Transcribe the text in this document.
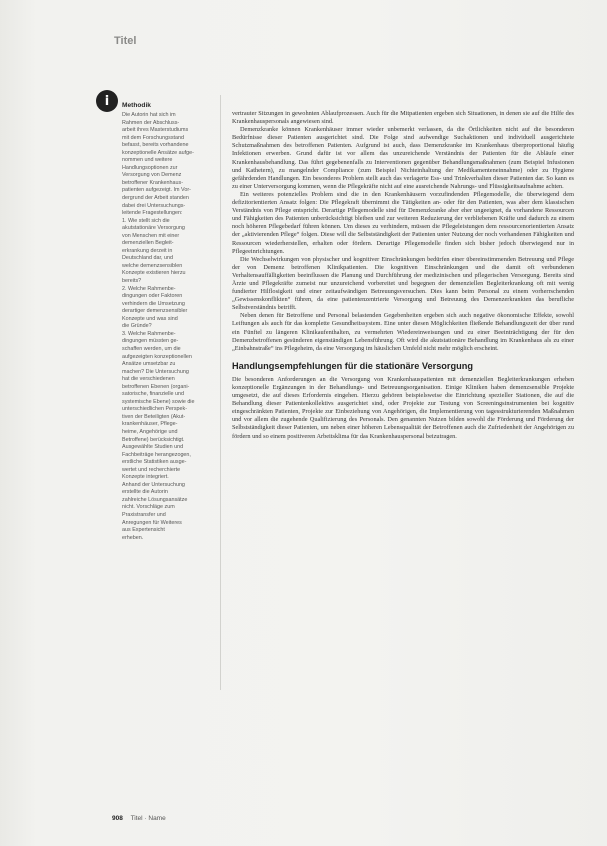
Titel
i	Methodik

Die Autorin hat sich im

Rahmen der Abschluss-

arbeit ihres Masterstudiums

mit dem Forschungsstand

befasst, bereits vorhandene

konzeptionelle Ansätze aufge-

nommen und weitere

Handlungsoptionen zur

Versorgung von Demenz

betroffener Krankenhaus-

patienten aufgezeigt. Im Vor-

dergrund der Arbeit standen

dabei drei Untersuchungs-

leitende Fragestellungen:

1. Wie stellt sich die

akutstationäre Versorgung

von Menschen mit einer

demenziellen Begleit-

erkrankung derzeit in

Deutschland dar, und

welche demenzsensiblen

Konzepte existieren hierzu

bereits?

2. Welche Rahmenbe-

dingungen oder Faktoren

verhindern die Umsetzung

derartiger demenzsensibler

Konzepte und was sind

die Gründe?

3. Welche Rahmenbe-

dingungen müssten ge-

schaffen werden, um die

aufgezeigten konzeptionellen

Ansätze umsetzbar zu

machen? Die Untersuchung

hat die verschiedenen

betroffenen Ebenen (organi-

satorische, finanzielle und

systemische Ebene) sowie die

unterschiedlichen Perspek-

tiven der Beteiligten (Akut-

krankenhäuser, Pflege-

heime, Angehörige und

Betroffene) berücksichtigt.

Ausgewählte Studien und

Fachbeiträge herangezogen,

erstliche Statistiken ausge-

wertet und recherchierte

Konzepte integriert.

Anhand der Untersuchung

erstellte die Autorin

zahlreiche Lösungsansätze

nicht. Vorschläge zum

Praxistransfer und

Anregungen für Weiteres

aus Expertensicht

erheben.

vertrauter Sitzungen in gewohnten Ablaufprozessen. Auch für die Mitpatienten ergeben sich Situationen, in denen sie auf die Hilfe des Krankenhauspersonals angewiesen sind.

Demenzkranke können Krankenhäuser immer wieder unbemerkt verlassen, da die Örtlichkeiten nicht auf die besonderen Bedürfnisse dieser Patienten ausgerichtet sind. Die Folge sind aufwendige Suchaktionen und individuell ausgerichtete Schutzmaßnahmen des betroffenen Patienten. Aufgrund ist auch, dass Demenzkranke im Krankenhaus überproportional häufig Infektionen erwerben. Grund dafür ist vor allem das unzureichende Verständnis der Patienten für die Abläufe einer Krankenhausbehandlung. Das führt gegebenenfalls zu Interventionen gegenüber Behandlungsmaßnahmen (zum Beispiel Infusionen und Kathetern), zu mangelnder Compliance (zum Beispiel Nichteinhaltung der Medikamenteneinnahme) oder zu Hygiene gefährdenden Handlungen. Ein besonderes Problem stellt auch das verlagerte Ess- und Trinkverhalten dieser Patienten dar. So kann es zu einer Unterversorgung kommen, wenn die Pflegekräfte nicht auf eine ausreichende Nahrungs- und Flüssigkeitsaufnahme achten.

Ein weiteres potenzielles Problem sind die in den Krankenhäusern vorzufindenden Pflegemodelle, die überwiegend dem defizitorientierten Ansatz folgen: Die Pflegekraft übernimmt die Tätigkeiten an- oder für den Patienten, was aber dem klassischen Verständnis von Pflege entspricht. Derartige Pflegemodelle sind für Demenzkranke aber eher ungeeignet, da vorhandene Ressourcen und Fähigkeiten des Patienten unberücksichtigt bleiben und zur weiteren Reduzierung der verbliebenen Kräfte und dadurch zu einem noch höheren Pflegebedarf führen können. Um dieses zu verhindern, müssen die Pflegeleistungen dem ressourcenorientierten Ansatz der „aktivierenden Pflege“ folgen. Diese will die Selbstständigkeit der Patienten unter Nutzung der noch vorhandenen Fähigkeiten und Ressourcen wiederherstellen, erhalten oder fördern. Derartige Pflegemodelle finden sich bisher jedoch überwiegend nur in Pflegeeinrichtungen.

Die Wechselwirkungen von physischer und kognitiver Einschränkungen bedürfen einer übereinstimmenden Betreuung und Pflege der von Demenz betroffenen Klinikpatienten. Die kognitiven Einschränkungen und die damit oft verbundenen Verhaltensauffälligkeiten beeinflussen die Planung und Durchführung der medizinischen und pflegerischen Versorgung. Bereits sind Ärzte und Pflegekräfte zumeist nur unzureichend vorbereitet und begegnen der demenziellen Begleiterkrankung oft mit wenig fundierter Hilflosigkeit und einer zeitaufwändigen Betreuungsversuchen. Dies kann beim Personal zu einem vorherrschenden „Gewissenskonflikten“ führen, da eine patientenzentrierte Versorgung und Betreuung des Demenzerkrankten das berufliche Selbstverständnis betrifft.

Neben denen für Betroffene und Personal belastenden Gegebenheiten ergeben sich auch negative ökonomische Effekte, sowohl Leiftungen als auch für das komplette Gesundheitssystem. Eine unter diesen Möglichkeiten fließende Behandlungszeit der über rund ein Fünftel zu längeren Klinikaufenthalten, zu vermehrten Wiedereinweisungen und zu einer Beeinträchtigung der für den Demenzbetroffenen gesünderen eigenständigen Lebensführung. Oft wird die akutstationäre Behandlung im Krankenhaus als zu einer „Einbahnstraße“ ins Pflegeheim, da eine Versorgung im häuslichen Umfeld nicht mehr möglich erscheint.

Handlungsempfehlungen für die stationäre Versorgung

Die besonderen Anforderungen an die Versorgung von Krankenhauspatienten mit demenziellen Begleiterkrankungen erheben konzeptionelle Ergänzungen in der Behandlungs- und Betreuungsorganisation. Einige Kliniken haben demenzsensible Projekte umgesetzt, die auf dieses Erfordernis eingehen. Hierzu gehören beispielsweise die Einrichtung spezieller Stationen, die auf die Behandlung dieser Patientenkollektivs ausgerichtet sind, oder Projekte zur Testung von Screeningsinstrumenten bei kognitiv eingeschränkten Patienten, Projekte zur Einbeziehung von Angehörigen, die Implementierung von tagesstrukturierenden Maßnahmen und vor allem die zugehende Qualifizierung des Personals. Den genannten Nutzen bilden sowohl die Förderung und Förderung der Selbstständigkeit dieser Patienten, um neben einer höheren Lebensqualität der Betroffenen auch die Zufriedenheit der Angehörigen zu fördern und so einem positiveren Arbeitsklima für das Krankenhauspersonal beizutragen.

908 Titel · Name
